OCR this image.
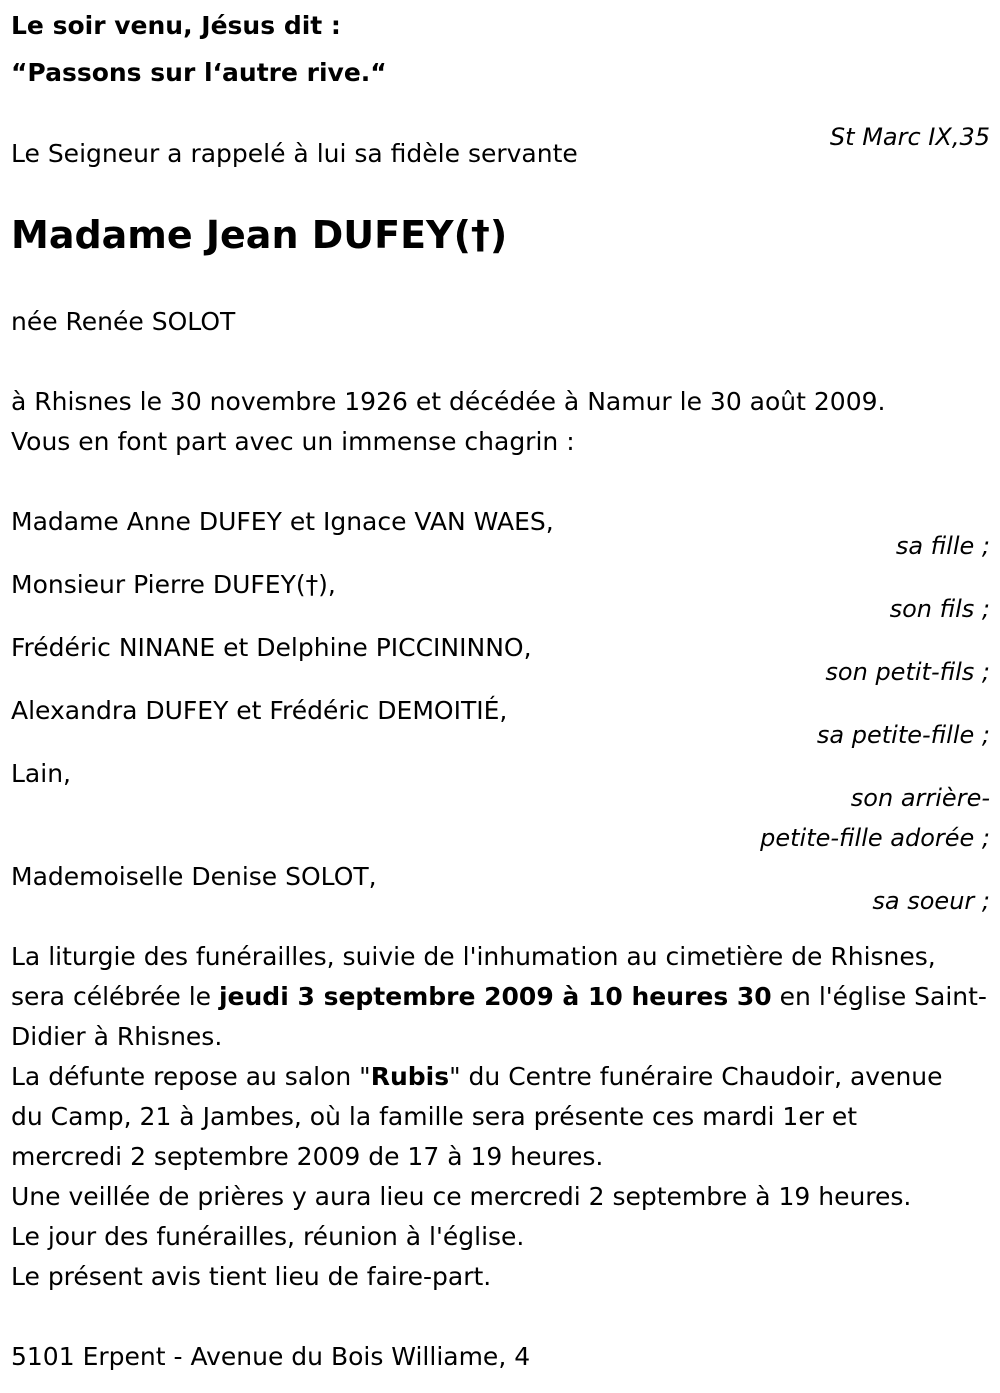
Le soir venu, Jésus dit :
“Passons sur l‘autre rive.“
St Marc IX,35
Le Seigneur a rappelé à lui sa fidèle servante
Madame Jean DUFEY(†)
née Renée SOLOT
à Rhisnes le 30 novembre 1926 et décédée à Namur le 30 août 2009.
Vous en font part avec un immense chagrin :
Madame Anne DUFEY et Ignace VAN WAES,
sa fille ;
Monsieur Pierre DUFEY(†),
son fils ;
Frédéric NINANE et Delphine PICCININNO,
son petit-fils ;
Alexandra DUFEY et Frédéric DEMOITIÉ,
sa petite-fille ;
Lain,
son arrière-
petite-fille adorée ;
Mademoiselle Denise SOLOT,
sa soeur ;
La liturgie des funérailles, suivie de l'inhumation au cimetière de Rhisnes,
sera célébrée le jeudi 3 septembre 2009 à 10 heures 30 en l'église Saint-
Didier à Rhisnes.
La défunte repose au salon "Rubis" du Centre funéraire Chaudoir, avenue
du Camp, 21 à Jambes, où la famille sera présente ces mardi 1er et
mercredi 2 septembre 2009 de 17 à 19 heures.
Une veillée de prières y aura lieu ce mercredi 2 septembre à 19 heures.
Le jour des funérailles, réunion à l'église.
Le présent avis tient lieu de faire-part.
5101 Erpent - Avenue du Bois Williame, 4
